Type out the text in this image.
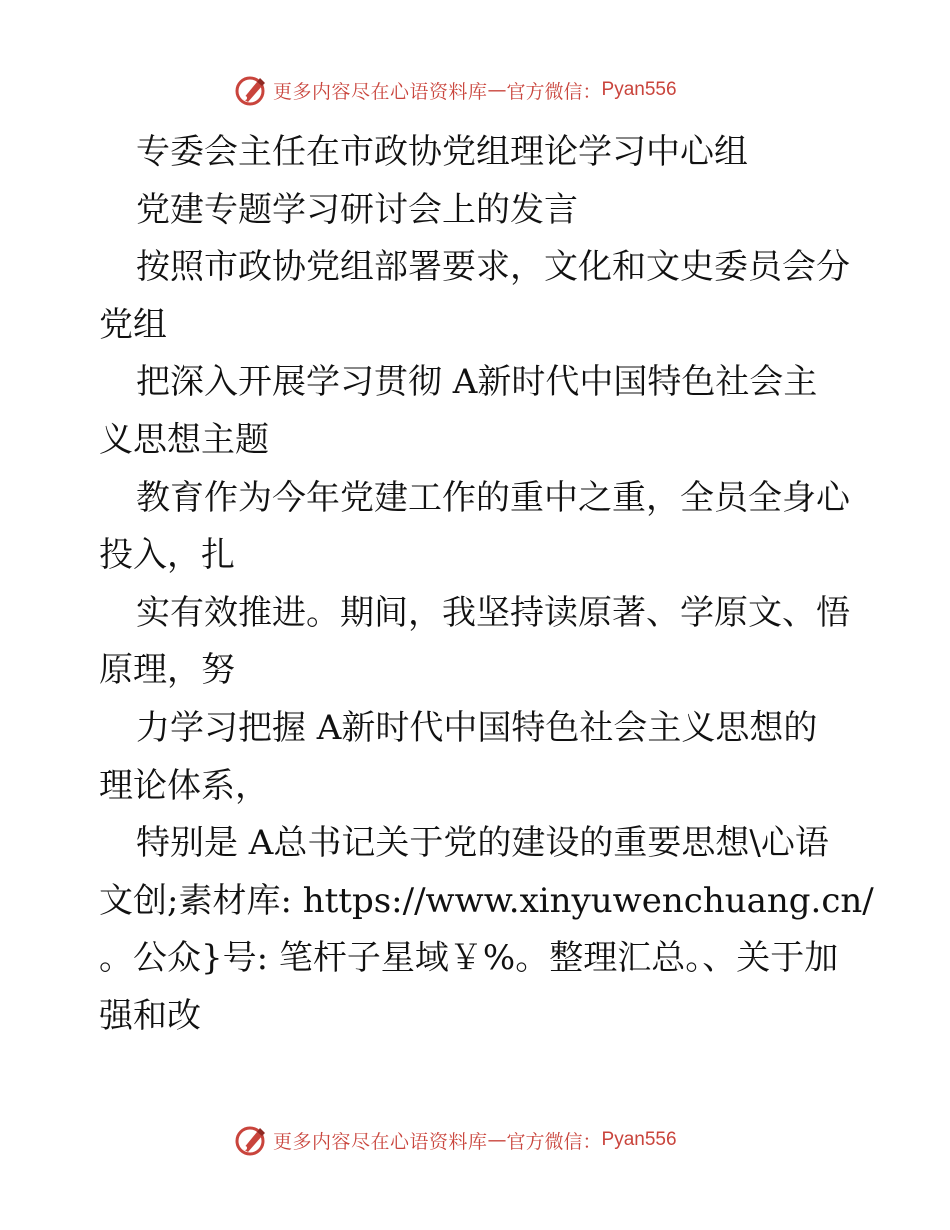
更多内容尽在心语资料库 — 官方微信： Pyan556
专委会主任在市政协党组理论学习中心组
党建专题学习研讨会上的发言
按照市政协党组部署要求，文化和文史委员会分
党组
把深入开展学习贯彻 A新时代中国特色社会主
义思想主题
教育作为今年党建工作的重中之重，全员全身心
投入，扎
实有效推进。期间，我坚持读原著、学原文、悟
原理，努
力学习把握 A新时代中国特色社会主义思想的
理论体系，
特别是 A总书记关于党的建设的重要思想\心语
文创;素材库: https://www.xinyuwenchuang.cn/
。公众}号: 笔杆子星域￥%。整理汇总。、关于加
强和改
更多内容尽在心语资料库 — 官方微信： Pyan556
